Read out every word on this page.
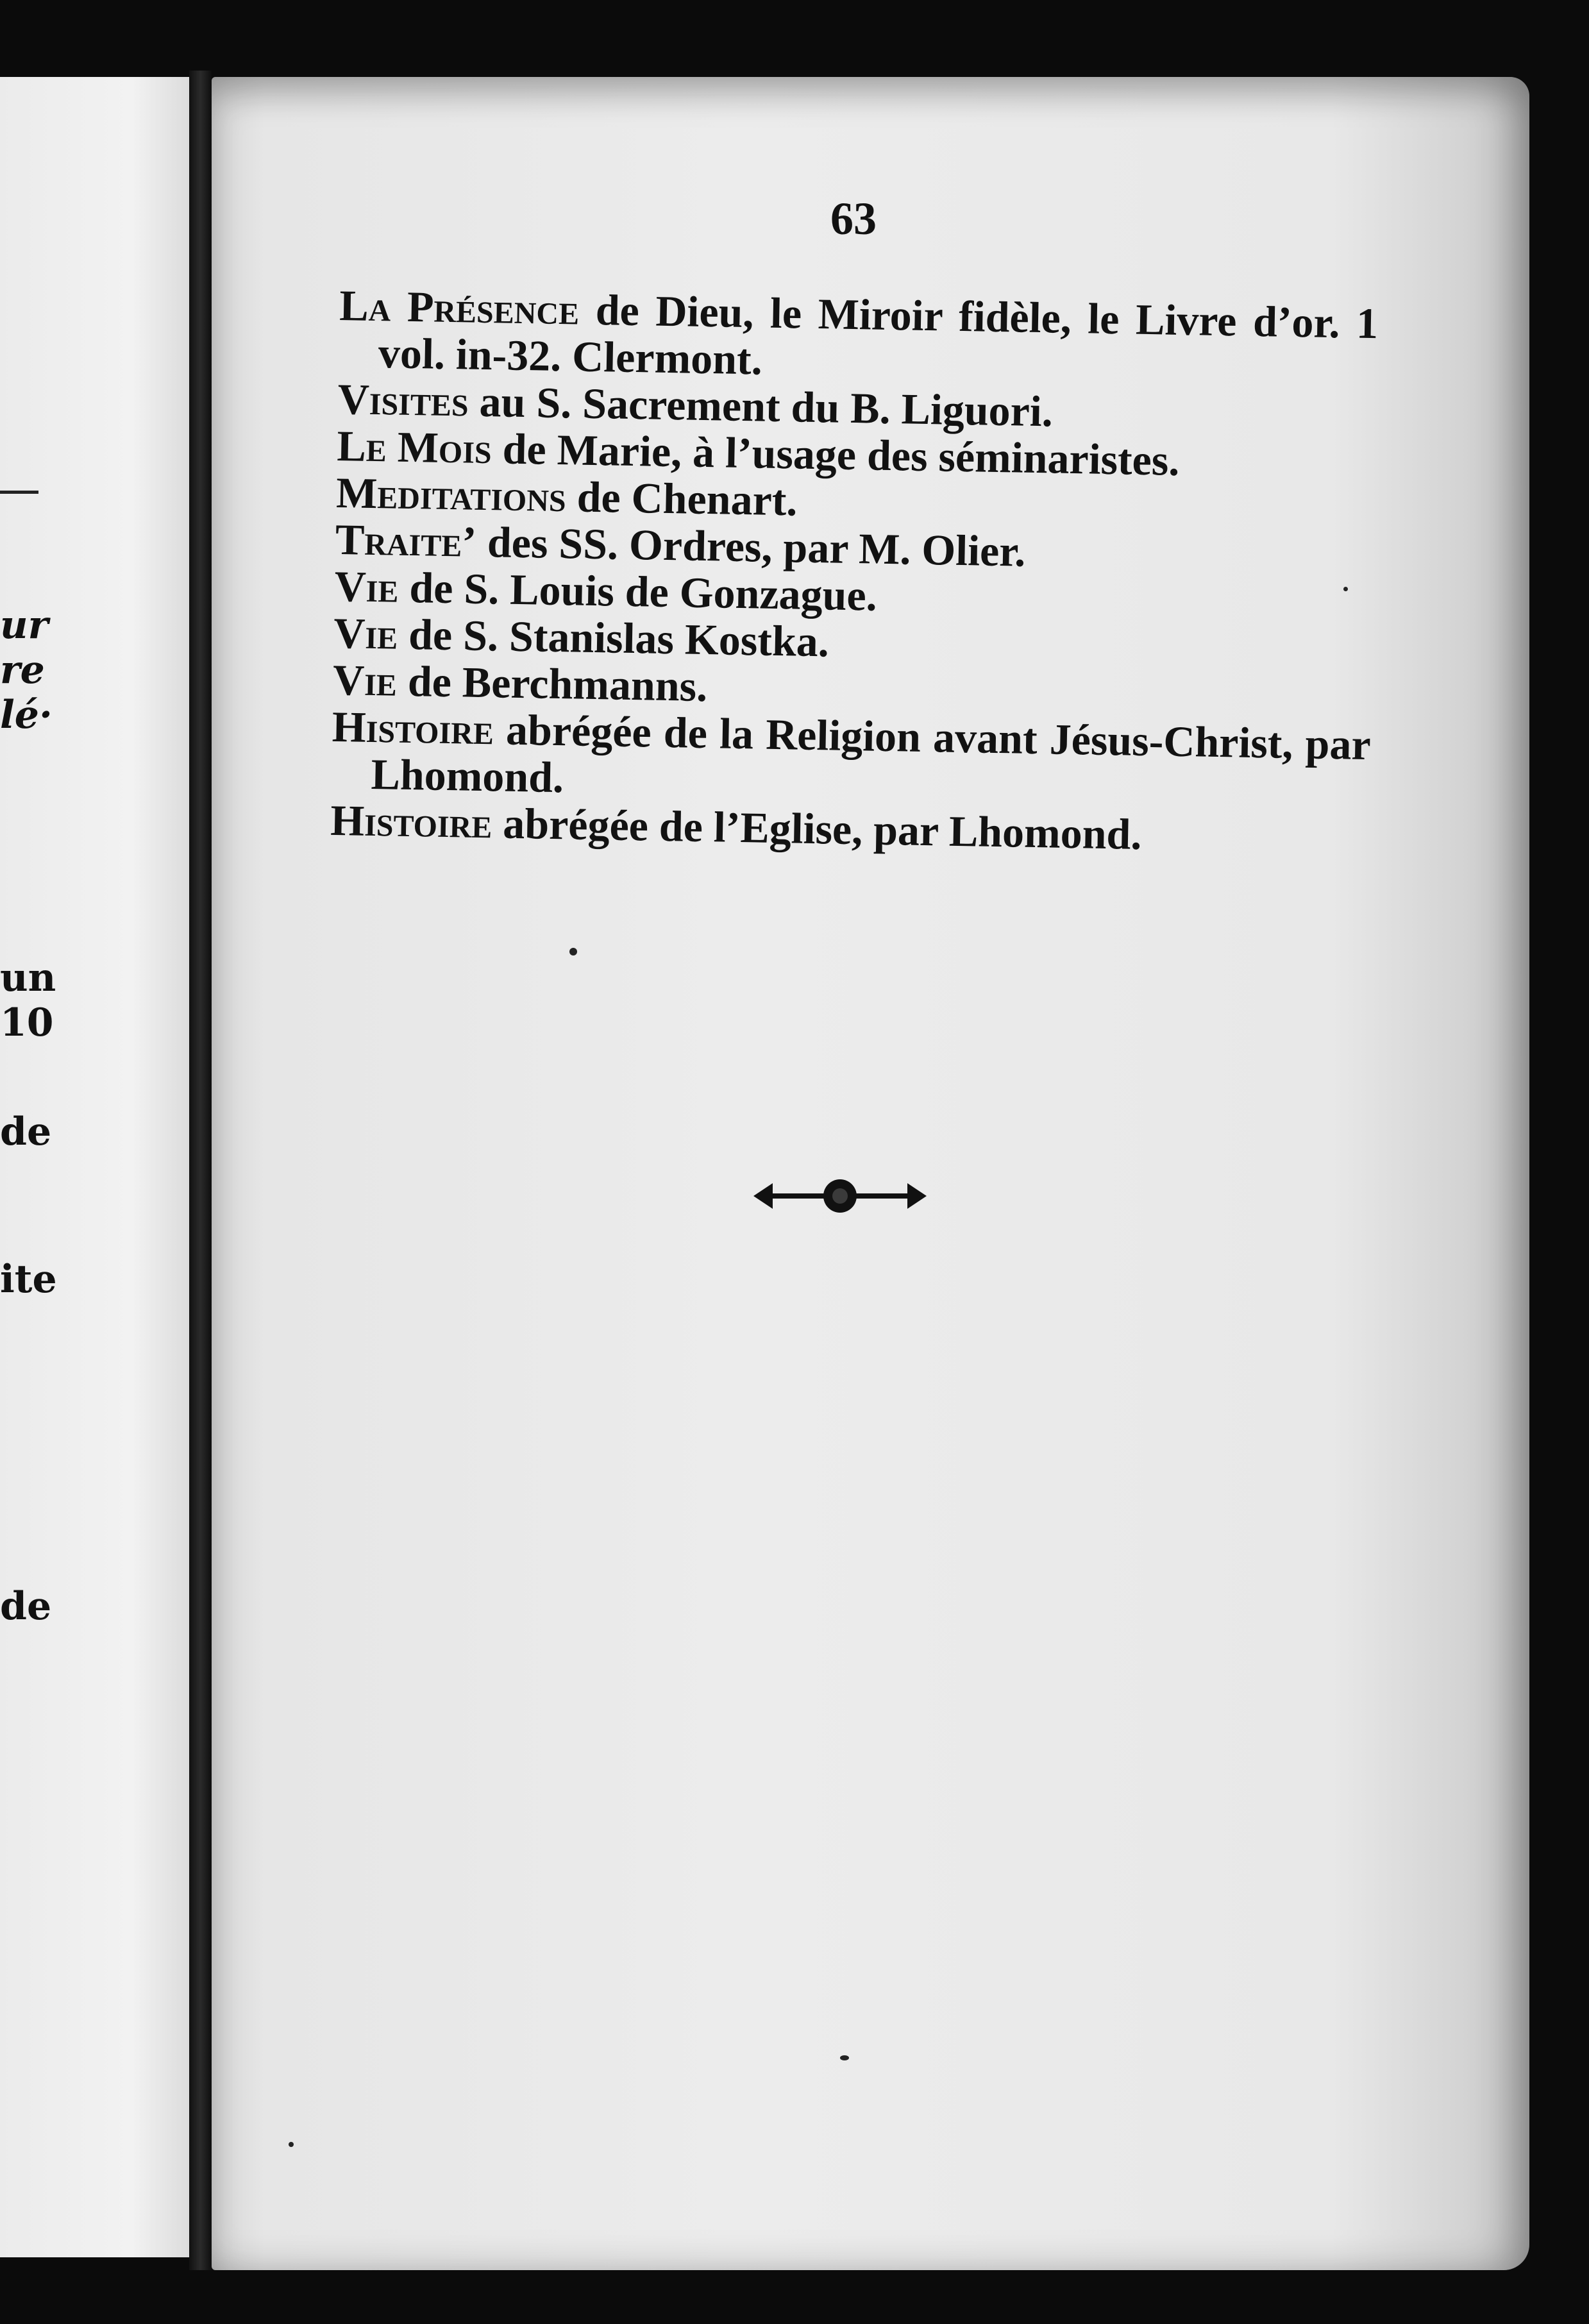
ur
re
lé·
un
10
de
ite
de
63

La Présence de Dieu, le Miroir fidèle, le Livre d’or. 1 vol. in-32. Clermont.

Visites au S. Sacrement du B. Liguori.

Le Mois de Marie, à l’usage des séminaristes.

Meditations de Chenart.

Traite’ des SS. Ordres, par M. Olier.

Vie de S. Louis de Gonzague.

Vie de S. Stanislas Kostka.

Vie de Berchmanns.

Histoire abrégée de la Religion avant Jésus-Christ, par Lhomond.

Histoire abrégée de l’Eglise, par Lhomond.
